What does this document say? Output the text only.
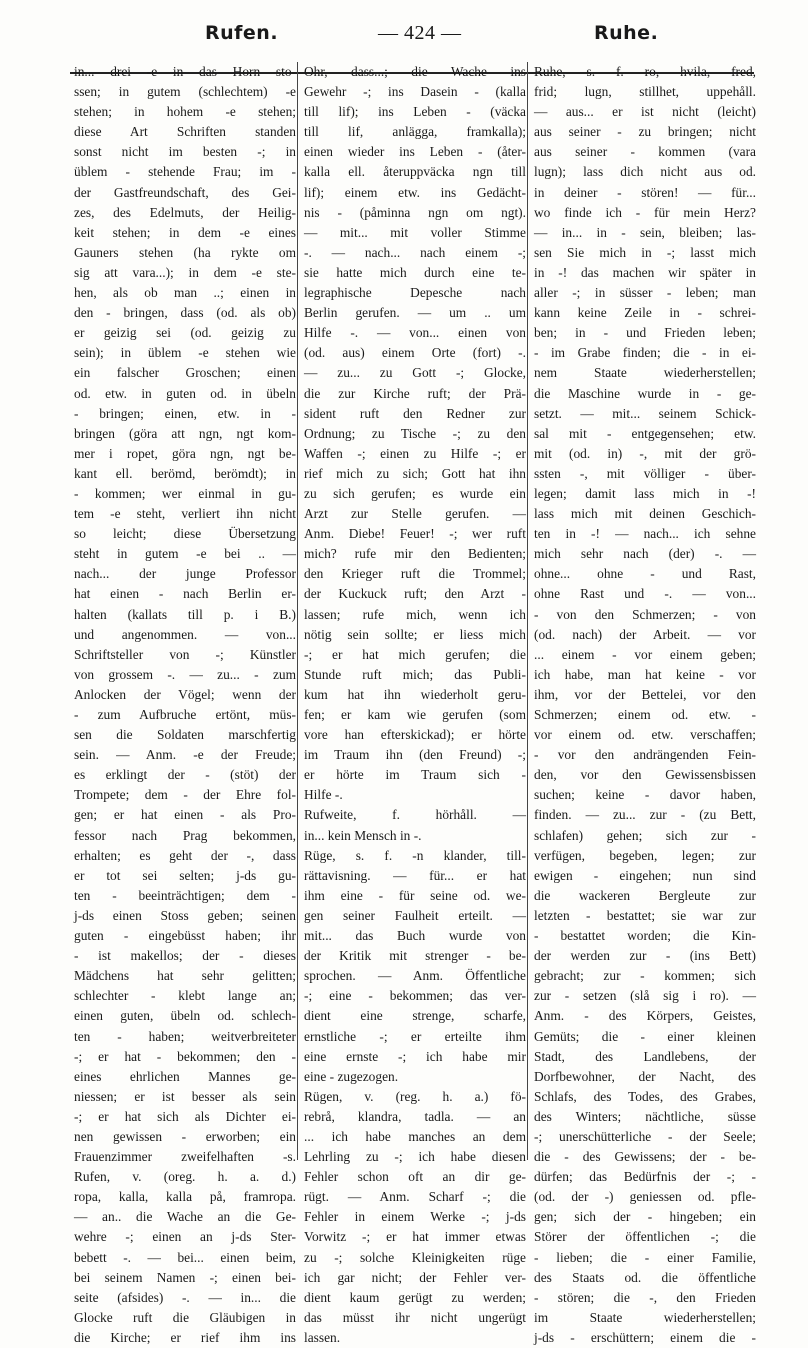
Rufen.	— 424 —	Ruhe.
in... drei -e in das Horn sto-
ssen; in gutem (schlechtem) -e
stehen; in hohem -e stehen;
diese Art Schriften standen
sonst nicht im besten -; in
üblem - stehende Frau; im -
der Gastfreundschaft, des Gei-
zes, des Edelmuts, der Heilig-
keit stehen; in dem -e eines
Gauners stehen (ha rykte om
sig att vara...); in dem -e ste-
hen, als ob man ..; einen in
den - bringen, dass (od. als ob)
er geizig sei (od. geizig zu
sein); in üblem -e stehen wie
ein falscher Groschen; einen
od. etw. in guten od. in übeln
- bringen; einen, etw. in -
bringen (göra att ngn, ngt kom-
mer i ropet, göra ngn, ngt be-
kant ell. berömd, berömdt); in
- kommen; wer einmal in gu-
tem -e steht, verliert ihn nicht
so leicht; diese Übersetzung
steht in gutem -e bei .. —
nach... der junge Professor
hat einen - nach Berlin er-
halten (kallats till p. i B.)
und angenommen. — von...
Schriftsteller von -; Künstler
von grossem -. — zu... - zum
Anlocken der Vögel; wenn der
- zum Aufbruche ertönt, müs-
sen die Soldaten marschfertig
sein. — Anm. -e der Freude;
es erklingt der - (stöt) der
Trompete; dem - der Ehre fol-
gen; er hat einen - als Pro-
fessor nach Prag bekommen,
erhalten; es geht der -, dass
er tot sei selten; j-ds gu-
ten - beeinträchtigen; dem -
j-ds einen Stoss geben; seinen
guten - eingebüsst haben; ihr
- ist makellos; der - dieses
Mädchens hat sehr gelitten;
schlechter - klebt lange an;
einen guten, übeln od. schlech-
ten - haben; weitverbreiteter
-; er hat - bekommen; den -
eines ehrlichen Mannes ge-
niessen; er ist besser als sein
-; er hat sich als Dichter ei-
nen gewissen - erworben; ein
Frauenzimmer zweifelhaften -s.
Rufen, v. (oreg. h. a. d.)
ropa, kalla, kalla på, framropa.
— an.. die Wache an die Ge-
wehre -; einen an j-ds Ster-
bebett -. — bei... einen beim,
bei seinem Namen -; einen bei-
seite (afsides) -. — in... die
Glocke ruft die Gläubigen in
die Kirche; er rief ihm ins
Ohr, dass...; die Wache ins
Gewehr -; ins Dasein - (kalla
till lif); ins Leben - (väcka
till lif, anlägga, framkalla);
einen wieder ins Leben - (åter-
kalla ell. återuppväcka ngn till
lif); einem etw. ins Gedächt-
nis - (påminna ngn om ngt).
— mit... mit voller Stimme
-. — nach... nach einem -;
sie hatte mich durch eine te-
legraphische Depesche nach
Berlin gerufen. — um .. um
Hilfe -. — von... einen von
(od. aus) einem Orte (fort) -.
— zu... zu Gott -; Glocke,
die zur Kirche ruft; der Prä-
sident ruft den Redner zur
Ordnung; zu Tische -; zu den
Waffen -; einen zu Hilfe -; er
rief mich zu sich; Gott hat ihn
zu sich gerufen; es wurde ein
Arzt zur Stelle gerufen. —
Anm. Diebe! Feuer! -; wer ruft
mich? rufe mir den Bedienten;
den Krieger ruft die Trommel;
der Kuckuck ruft; den Arzt -
lassen; rufe mich, wenn ich
nötig sein sollte; er liess mich
-; er hat mich gerufen; die
Stunde ruft mich; das Publi-
kum hat ihn wiederholt geru-
fen; er kam wie gerufen (som
vore han efterskickad); er hörte
im Traum ihn (den Freund) -;
er hörte im Traum sich -
Hilfe -.
Rufweite, f. hörhåll. —
in... kein Mensch in -.
Rüge, s. f. -n klander, till-
rättavisning. — für... er hat
ihm eine - für seine od. we-
gen seiner Faulheit erteilt. —
mit... das Buch wurde von
der Kritik mit strenger - be-
sprochen. — Anm. Öffentliche
-; eine - bekommen; das ver-
dient eine strenge, scharfe,
ernstliche -; er erteilte ihm
eine ernste -; ich habe mir
eine - zugezogen.
Rügen, v. (reg. h. a.) fö-
rebrå, klandra, tadla. — an
... ich habe manches an dem
Lehrling zu -; ich habe diesen
Fehler schon oft an dir ge-
rügt. — Anm. Scharf -; die
Fehler in einem Werke -; j-ds
Vorwitz -; er hat immer etwas
zu -; solche Kleinigkeiten rüge
ich gar nicht; der Fehler ver-
dient kaum gerügt zu werden;
das müsst ihr nicht ungerügt
lassen.
Ruhe, s. f. ro, hvila, fred,
frid; lugn, stillhet, uppehåll.
— aus... er ist nicht (leicht)
aus seiner - zu bringen; nicht
aus seiner - kommen (vara
lugn); lass dich nicht aus od.
in deiner - stören! — für...
wo finde ich - für mein Herz?
— in... in - sein, bleiben; las-
sen Sie mich in -; lasst mich
in -! das machen wir später in
aller -; in süsser - leben; man
kann keine Zeile in - schrei-
ben; in - und Frieden leben;
- im Grabe finden; die - in ei-
nem Staate wiederherstellen;
die Maschine wurde in - ge-
setzt. — mit... seinem Schick-
sal mit - entgegensehen; etw.
mit (od. in) -, mit der grö-
ssten -, mit völliger - über-
legen; damit lass mich in -!
lass mich mit deinen Geschich-
ten in -! — nach... ich sehne
mich sehr nach (der) -. —
ohne... ohne - und Rast,
ohne Rast und -. — von...
- von den Schmerzen; - von
(od. nach) der Arbeit. — vor
... einem - vor einem geben;
ich habe, man hat keine - vor
ihm, vor der Bettelei, vor den
Schmerzen; einem od. etw. -
vor einem od. etw. verschaffen;
- vor den andrängenden Fein-
den, vor den Gewissensbissen
suchen; keine - davor haben,
finden. — zu... zur - (zu Bett,
schlafen) gehen; sich zur -
verfügen, begeben, legen; zur
ewigen - eingehen; nun sind
die wackeren Bergleute zur
letzten - bestattet; sie war zur
- bestattet worden; die Kin-
der werden zur - (ins Bett)
gebracht; zur - kommen; sich
zur - setzen (slå sig i ro). —
Anm. - des Körpers, Geistes,
Gemüts; die - einer kleinen
Stadt, des Landlebens, der
Dorfbewohner, der Nacht, des
Schlafs, des Todes, des Grabes,
des Winters; nächtliche, süsse
-; unerschütterliche - der Seele;
die - des Gewissens; der - be-
dürfen; das Bedürfnis der -; -
(od. der -) geniessen od. pfle-
gen; sich der - hingeben; ein
Störer der öffentlichen -; die
- lieben; die - einer Familie,
des Staats od. die öffentliche
- stören; die -, den Frieden
im Staate wiederherstellen;
j-ds - erschüttern; einem die -
